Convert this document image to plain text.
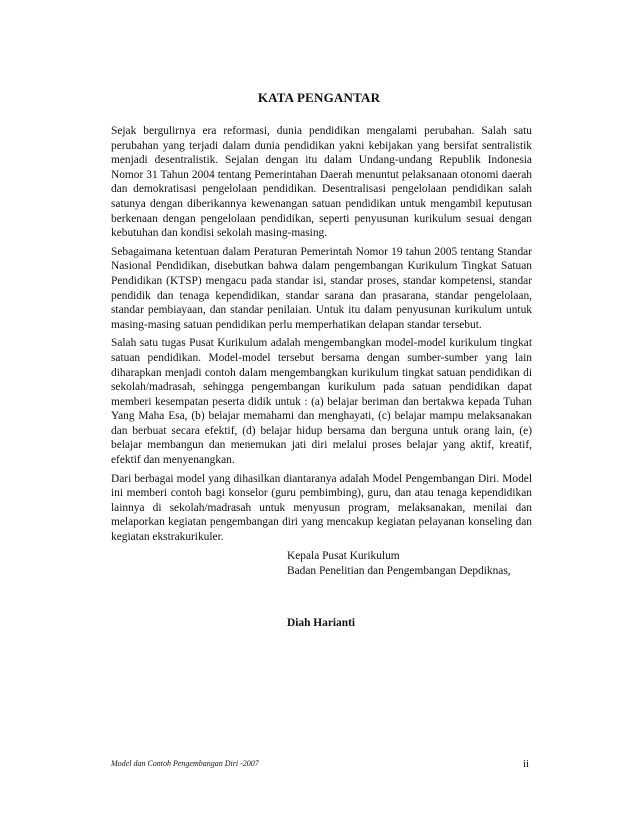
KATA PENGANTAR

Sejak bergulirnya era reformasi, dunia pendidikan mengalami perubahan. Salah satu perubahan yang terjadi dalam dunia pendidikan yakni kebijakan yang bersifat sentralistik menjadi desentralistik. Sejalan dengan itu dalam Undang-undang Republik Indonesia Nomor 31 Tahun 2004 tentang Pemerintahan Daerah menuntut pelaksanaan otonomi daerah dan demokratisasi pengelolaan pendidikan. Desentralisasi pengelolaan pendidikan salah satunya dengan diberikannya kewenangan satuan pendidikan untuk mengambil keputusan berkenaan dengan pengelolaan pendidikan, seperti penyusunan kurikulum sesuai dengan kebutuhan dan kondisi sekolah masing-masing.

Sebagaimana ketentuan dalam Peraturan Pemerintah Nomor 19 tahun 2005 tentang Standar Nasional Pendidikan, disebutkan bahwa dalam pengembangan Kurikulum Tingkat Satuan Pendidikan (KTSP) mengacu pada standar isi, standar proses, standar kompetensi, standar pendidik dan tenaga kependidikan, standar sarana dan prasarana, standar pengelolaan, standar pembiayaan, dan standar penilaian. Untuk itu dalam penyusunan kurikulum untuk masing-masing satuan pendidikan perlu memperhatikan delapan standar tersebut.

Salah satu tugas Pusat Kurikulum adalah mengembangkan model-model kurikulum tingkat satuan pendidikan. Model-model tersebut bersama dengan sumber-sumber yang lain diharapkan menjadi contoh dalam mengembangkan kurikulum tingkat satuan pendidikan di sekolah/madrasah, sehingga pengembangan kurikulum pada satuan pendidikan dapat memberi kesempatan peserta didik untuk : (a) belajar beriman dan bertakwa kepada Tuhan Yang Maha Esa, (b) belajar memahami dan menghayati, (c) belajar mampu melaksanakan dan berbuat secara efektif, (d) belajar hidup bersama dan berguna untuk orang lain, (e) belajar membangun dan menemukan jati diri melalui proses belajar yang aktif, kreatif, efektif dan menyenangkan.

Dari berbagai model yang dihasilkan diantaranya adalah Model Pengembangan Diri. Model ini memberi contoh bagi konselor (guru pembimbing), guru, dan atau tenaga kependidikan lainnya di sekolah/madrasah untuk menyusun program, melaksanakan, menilai dan melaporkan kegiatan pengembangan diri yang mencakup kegiatan pelayanan konseling dan kegiatan ekstrakurikuler.

Kepala Pusat Kurikulum
Badan Penelitian dan Pengembangan Depdiknas,
Diah Harianti
Model dan Contoh Pengembangan Diri -2007	ii
